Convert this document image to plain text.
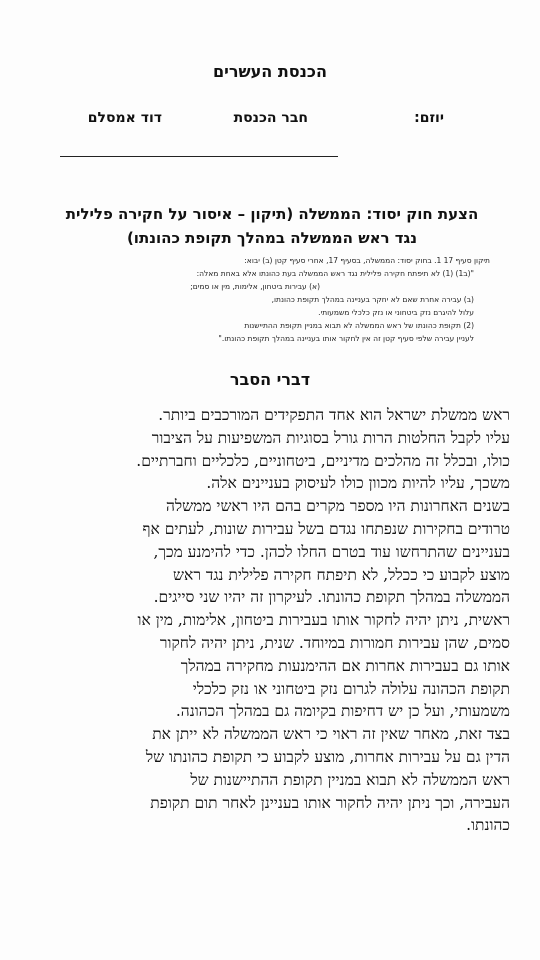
הכנסת העשרים
יוזם:
חבר הכנסת
דוד אמסלם
הצעת חוק יסוד: הממשלה (תיקון – איסור על חקירה פלילית
נגד ראש הממשלה במהלך תקופת כהונתו)
תיקון סעיף 17 1. בחוק יסוד: הממשלה, בסעיף 17, אחרי סעיף קטן (ב) יבוא:
"(ב1) (1) לא תיפתח חקירה פלילית נגד ראש הממשלה בעת כהונתו אלא באחת מאלה:
(א) עבירות ביטחון, אלימות, מין או סמים;
(ב) עבירה אחרת שאם לא יחקר בעניינה במהלך תקופת כהונתו,
עלול להיגרם נזק ביטחוני או נזק כלכלי משמעותי.
(2) תקופת כהונתו של ראש הממשלה לא תבוא במניין תקופת ההתיישנות
לעניין עבירה שלפי סעיף קטן זה אין לחקור אותו בעניינה במהלך תקופת כהונתו."
דברי הסבר
ראש ממשלת ישראל הוא אחד התפקידים המורכבים ביותר.
עליו לקבל החלטות הרות גורל בסוגיות המשפיעות על הציבור
כולו, ובכלל זה מהלכים מדיניים, ביטחוניים, כלכליים וחברתיים.
משכך, עליו להיות מכוון כולו לעיסוק בעניינים אלה.
בשנים האחרונות היו מספר מקרים בהם היו ראשי ממשלה
טרודים בחקירות שנפתחו נגדם בשל עבירות שונות, לעתים אף
בעניינים שהתרחשו עוד בטרם החלו לכהן. כדי להימנע מכך,
מוצע לקבוע כי ככלל, לא תיפתח חקירה פלילית נגד ראש
הממשלה במהלך תקופת כהונתו. לעיקרון זה יהיו שני סייגים.
ראשית, ניתן יהיה לחקור אותו בעבירות ביטחון, אלימות, מין או
סמים, שהן עבירות חמורות במיוחד. שנית, ניתן יהיה לחקור
אותו גם בעבירות אחרות אם ההימנעות מחקירה במהלך
תקופת הכהונה עלולה לגרום נזק ביטחוני או נזק כלכלי
משמעותי, ועל כן יש דחיפות בקיומה גם במהלך הכהונה.
בצד זאת, מאחר שאין זה ראוי כי ראש הממשלה לא ייתן את
הדין גם על עבירות אחרות, מוצע לקבוע כי תקופת כהונתו של
ראש הממשלה לא תבוא במניין תקופת ההתיישנות של
העבירה, וכך ניתן יהיה לחקור אותו בעניינן לאחר תום תקופת
כהונתו.
